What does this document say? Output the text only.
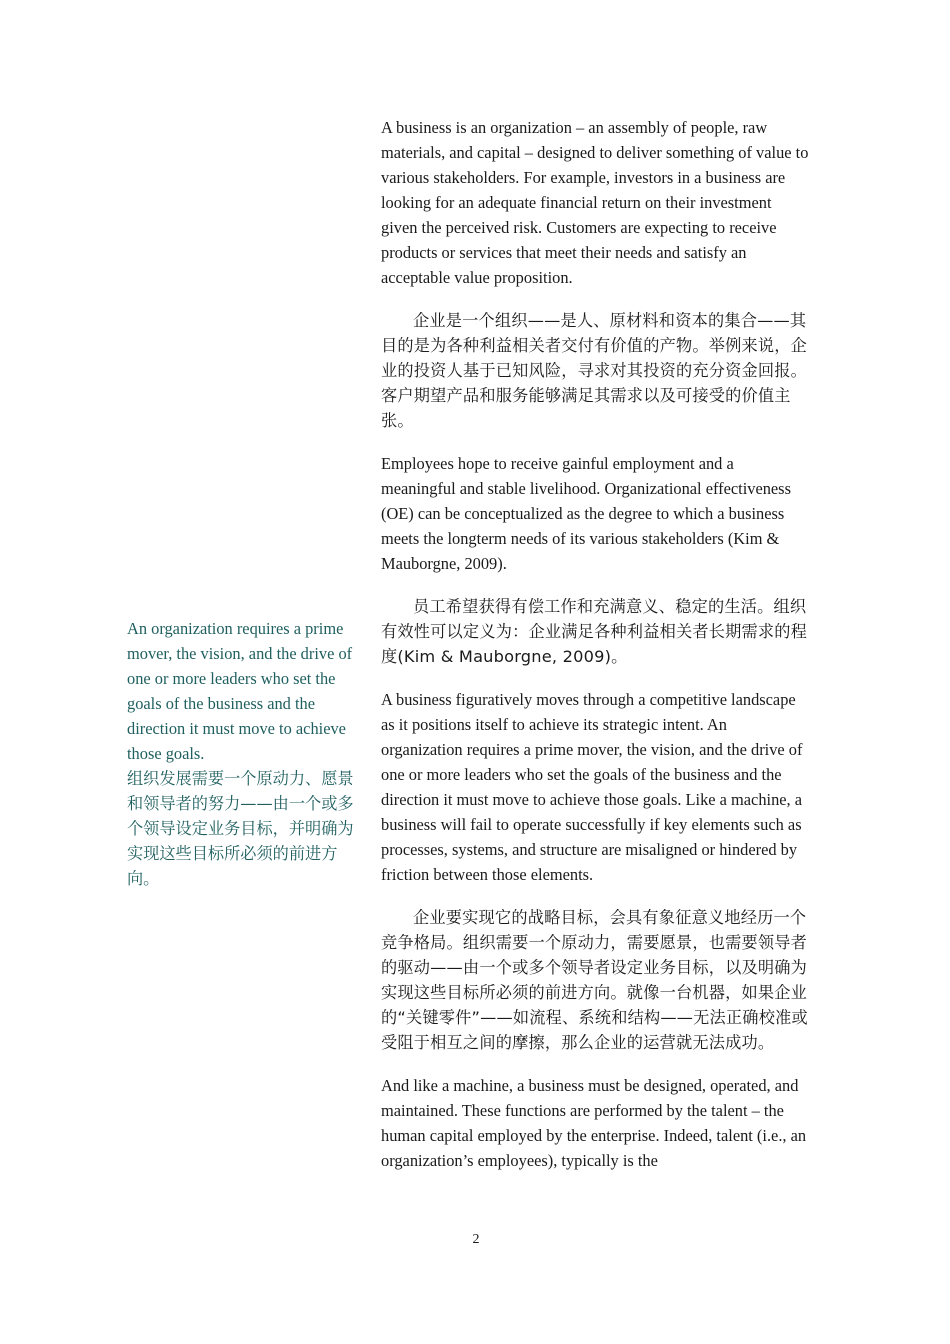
A business is an organization – an assembly of people, raw materials, and capital – designed to deliver something of value to various stakeholders. For example, investors in a business are looking for an adequate financial return on their investment given the perceived risk. Customers are expecting to receive products or services that meet their needs and satisfy an acceptable value proposition.

企业是一个组织——是人、原材料和资本的集合——其目的是为各种利益相关者交付有价值的产物。举例来说，企业的投资人基于已知风险，寻求对其投资的充分资金回报。客户期望产品和服务能够满足其需求以及可接受的价值主张。

Employees hope to receive gainful employment and a meaningful and stable livelihood. Organizational effectiveness (OE) can be conceptualized as the degree to which a business meets the longterm needs of its various stakeholders (Kim & Mauborgne, 2009).

员工希望获得有偿工作和充满意义、稳定的生活。组织有效性可以定义为：企业满足各种利益相关者长期需求的程度(Kim & Mauborgne, 2009)。

A business figuratively moves through a competitive landscape as it positions itself to achieve its strategic intent. An organization requires a prime mover, the vision, and the drive of one or more leaders who set the goals of the business and the direction it must move to achieve those goals. Like a machine, a business will fail to operate successfully if key elements such as processes, systems, and structure are misaligned or hindered by friction between those elements.

企业要实现它的战略目标，会具有象征意义地经历一个竞争格局。组织需要一个原动力，需要愿景，也需要领导者的驱动——由一个或多个领导者设定业务目标，以及明确为实现这些目标所必须的前进方向。就像一台机器，如果企业的“关键零件”——如流程、系统和结构——无法正确校准或受阻于相互之间的摩擦，那么企业的运营就无法成功。

And like a machine, a business must be designed, operated, and maintained. These functions are performed by the talent – the human capital employed by the enterprise. Indeed, talent (i.e., an organization’s employees), typically is the

An organization requires a prime mover, the vision, and the drive of one or more leaders who set the goals of the business and the direction it must move to achieve those goals.

组织发展需要一个原动力、愿景和领导者的努力——由一个或多个领导设定业务目标，并明确为实现这些目标所必须的前进方向。

2
